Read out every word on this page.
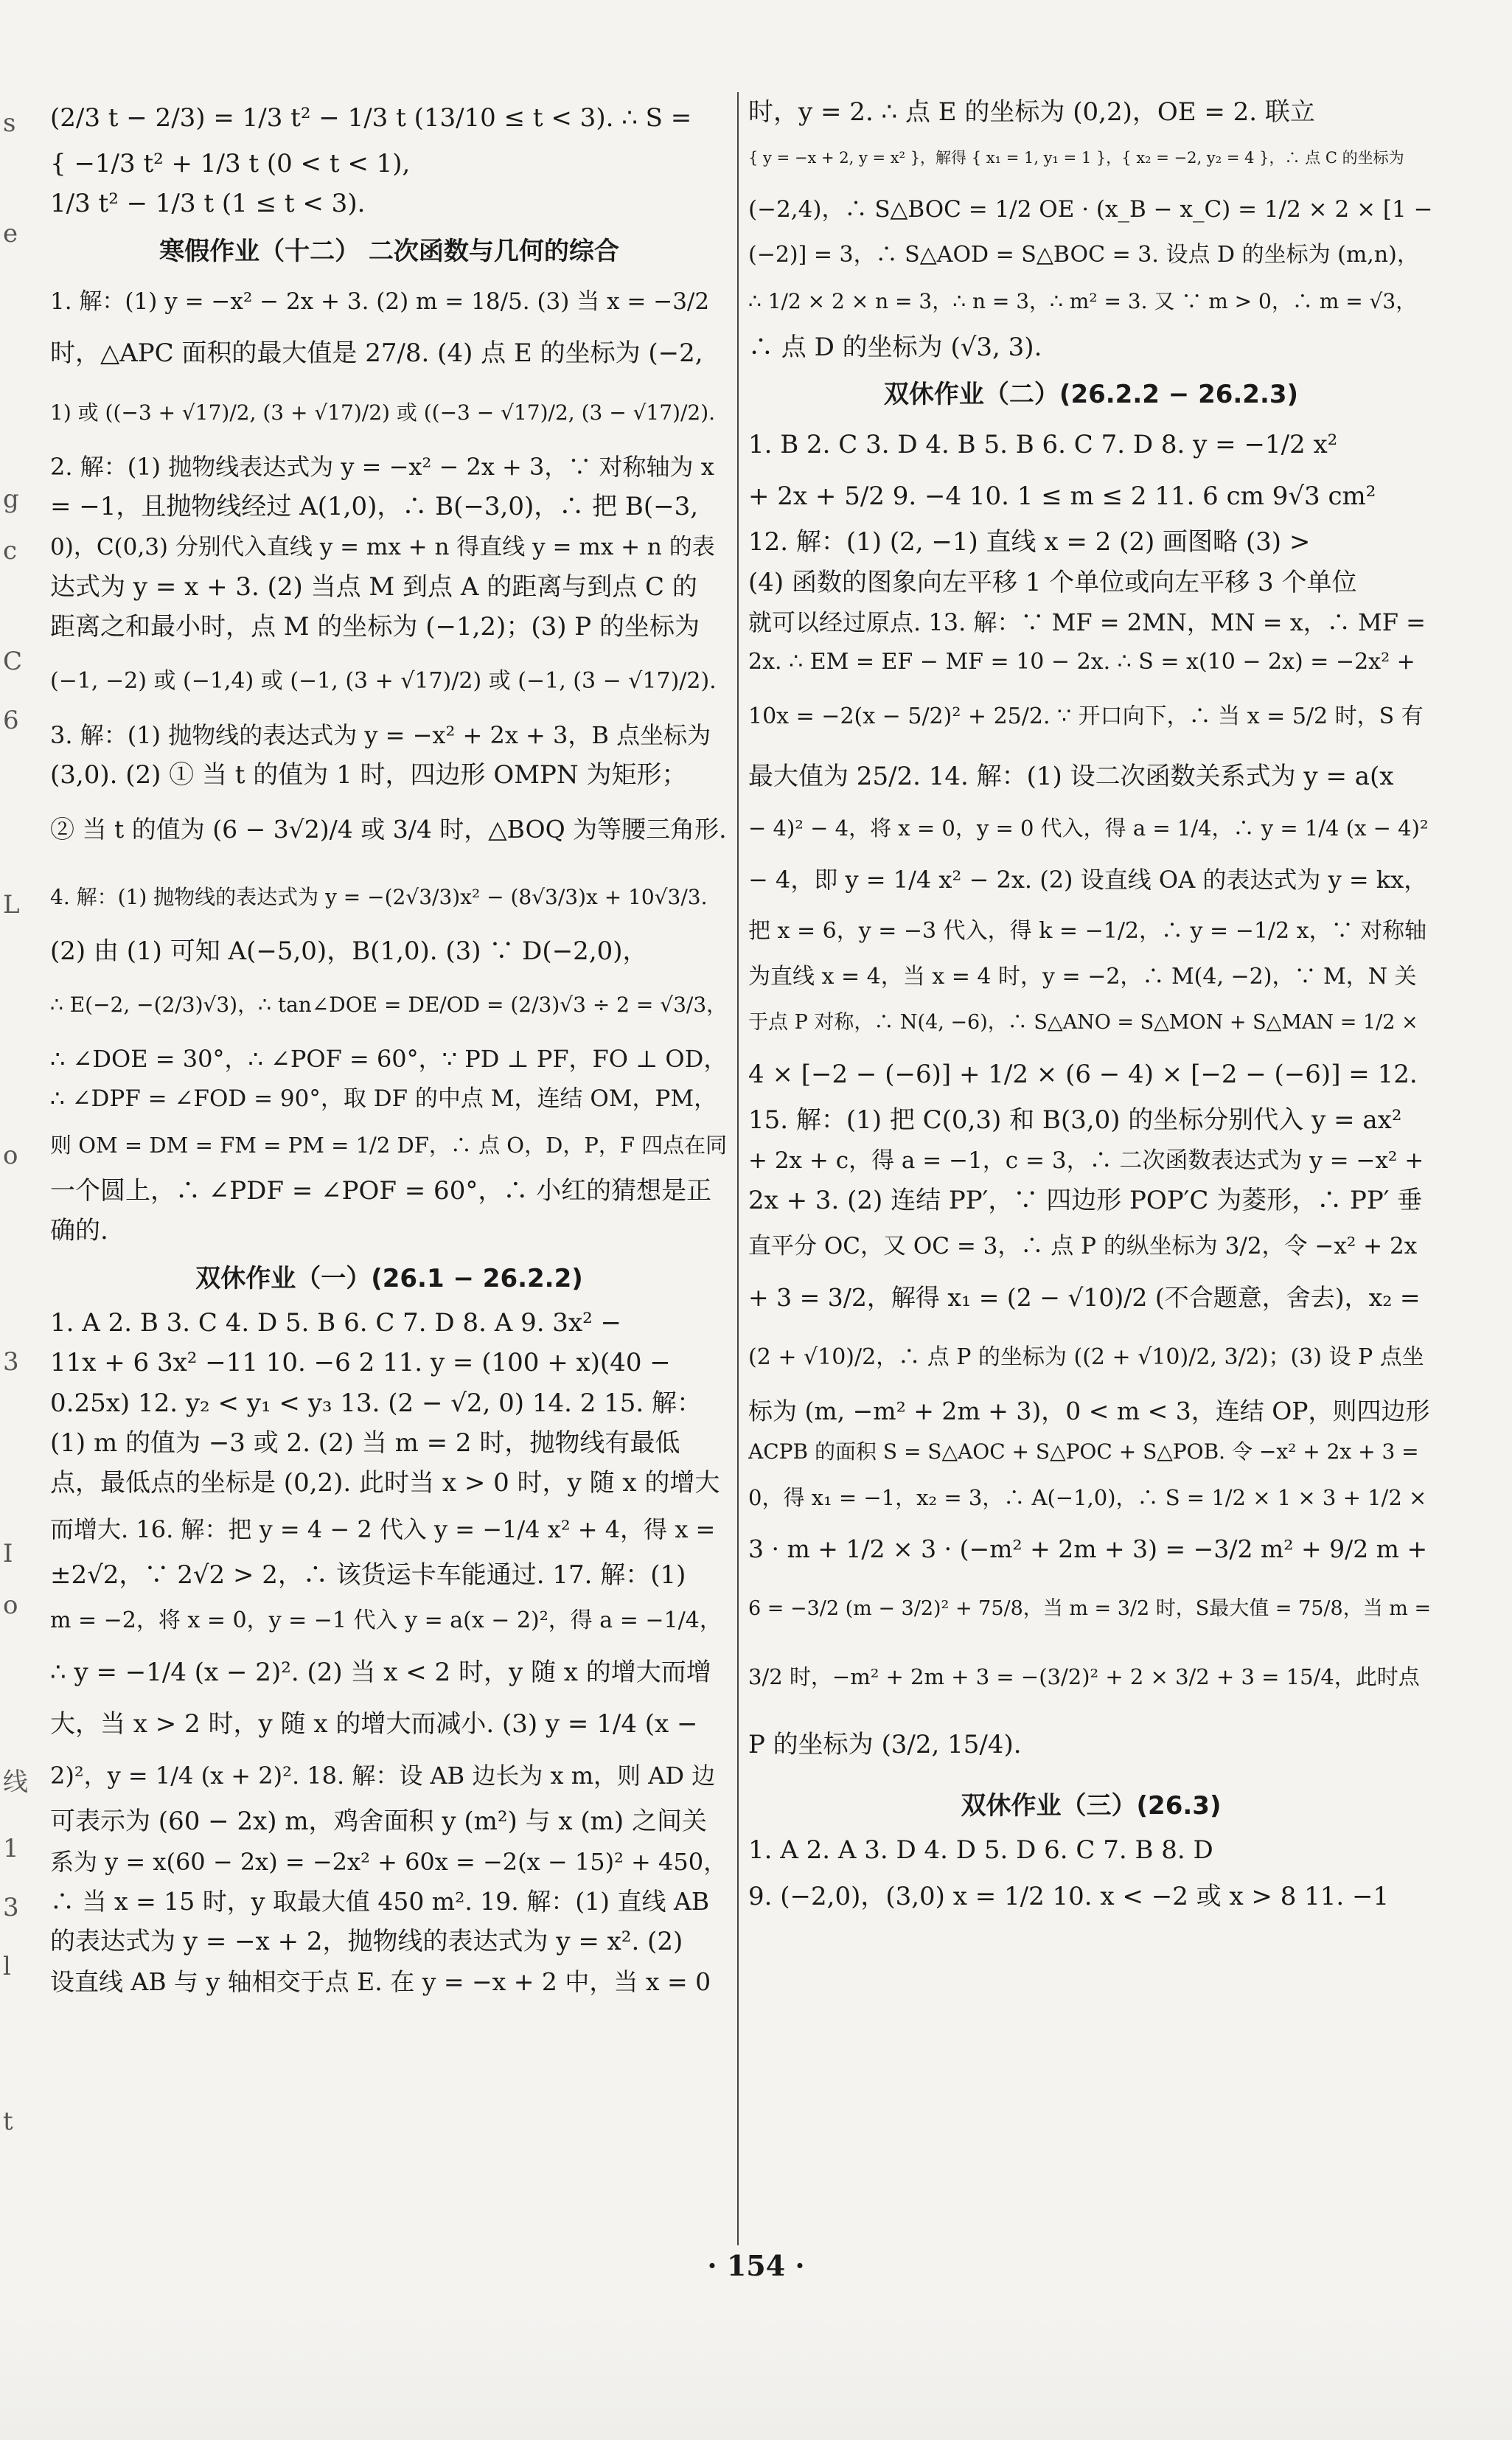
s
e
g
c
C
6
L
o
3
I
o
线
1
3
l
t
(2/3 t − 2/3) = 1/3 t² − 1/3 t (13/10 ≤ t < 3). ∴ S =
{ −1/3 t² + 1/3 t (0 < t < 1),
1/3 t² − 1/3 t (1 ≤ t < 3).
寒假作业（十二） 二次函数与几何的综合
1. 解：(1) y = −x² − 2x + 3. (2) m = 18/5. (3) 当 x = −3/2
时，△APC 面积的最大值是 27/8. (4) 点 E 的坐标为 (−2,
1) 或 ((−3 + √17)/2, (3 + √17)/2) 或 ((−3 − √17)/2, (3 − √17)/2).
2. 解：(1) 抛物线表达式为 y = −x² − 2x + 3，∵ 对称轴为 x
= −1，且抛物线经过 A(1,0)，∴ B(−3,0)，∴ 把 B(−3,
0)，C(0,3) 分别代入直线 y = mx + n 得直线 y = mx + n 的表
达式为 y = x + 3. (2) 当点 M 到点 A 的距离与到点 C 的
距离之和最小时，点 M 的坐标为 (−1,2)；(3) P 的坐标为
(−1, −2) 或 (−1,4) 或 (−1, (3 + √17)/2) 或 (−1, (3 − √17)/2).
3. 解：(1) 抛物线的表达式为 y = −x² + 2x + 3，B 点坐标为
(3,0). (2) ① 当 t 的值为 1 时，四边形 OMPN 为矩形；
② 当 t 的值为 (6 − 3√2)/4 或 3/4 时，△BOQ 为等腰三角形.
4. 解：(1) 抛物线的表达式为 y = −(2√3/3)x² − (8√3/3)x + 10√3/3.
(2) 由 (1) 可知 A(−5,0)，B(1,0). (3) ∵ D(−2,0)，
∴ E(−2, −(2/3)√3)，∴ tan∠DOE = DE/OD = (2/3)√3 ÷ 2 = √3/3，
∴ ∠DOE = 30°，∴ ∠POF = 60°，∵ PD ⊥ PF，FO ⊥ OD，
∴ ∠DPF = ∠FOD = 90°，取 DF 的中点 M，连结 OM，PM，
则 OM = DM = FM = PM = 1/2 DF，∴ 点 O，D，P，F 四点在同
一个圆上，∴ ∠PDF = ∠POF = 60°，∴ 小红的猜想是正
确的.
双休作业（一）(26.1 − 26.2.2)
1. A 2. B 3. C 4. D 5. B 6. C 7. D 8. A 9. 3x² −
11x + 6 3x² −11 10. −6 2 11. y = (100 + x)(40 −
0.25x) 12. y₂ < y₁ < y₃ 13. (2 − √2, 0) 14. 2 15. 解：
(1) m 的值为 −3 或 2. (2) 当 m = 2 时，抛物线有最低
点，最低点的坐标是 (0,2). 此时当 x > 0 时，y 随 x 的增大
而增大. 16. 解：把 y = 4 − 2 代入 y = −1/4 x² + 4，得 x =
±2√2，∵ 2√2 > 2，∴ 该货运卡车能通过. 17. 解：(1)
m = −2，将 x = 0，y = −1 代入 y = a(x − 2)²，得 a = −1/4，
∴ y = −1/4 (x − 2)². (2) 当 x < 2 时，y 随 x 的增大而增
大，当 x > 2 时，y 随 x 的增大而减小. (3) y = 1/4 (x −
2)²，y = 1/4 (x + 2)². 18. 解：设 AB 边长为 x m，则 AD 边
可表示为 (60 − 2x) m，鸡舍面积 y (m²) 与 x (m) 之间关
系为 y = x(60 − 2x) = −2x² + 60x = −2(x − 15)² + 450，
∴ 当 x = 15 时，y 取最大值 450 m². 19. 解：(1) 直线 AB
的表达式为 y = −x + 2，抛物线的表达式为 y = x². (2)
设直线 AB 与 y 轴相交于点 E. 在 y = −x + 2 中，当 x = 0
时，y = 2. ∴ 点 E 的坐标为 (0,2)，OE = 2. 联立
{ y = −x + 2, y = x² }，解得 { x₁ = 1, y₁ = 1 }，{ x₂ = −2, y₂ = 4 }，∴ 点 C 的坐标为
(−2,4)，∴ S△BOC = 1/2 OE · (x_B − x_C) = 1/2 × 2 × [1 −
(−2)] = 3，∴ S△AOD = S△BOC = 3. 设点 D 的坐标为 (m,n)，
∴ 1/2 × 2 × n = 3，∴ n = 3，∴ m² = 3. 又 ∵ m > 0，∴ m = √3，
∴ 点 D 的坐标为 (√3, 3).
双休作业（二）(26.2.2 − 26.2.3)
1. B 2. C 3. D 4. B 5. B 6. C 7. D 8. y = −1/2 x²
+ 2x + 5/2 9. −4 10. 1 ≤ m ≤ 2 11. 6 cm 9√3 cm²
12. 解：(1) (2, −1) 直线 x = 2 (2) 画图略 (3) >
(4) 函数的图象向左平移 1 个单位或向左平移 3 个单位
就可以经过原点. 13. 解：∵ MF = 2MN，MN = x，∴ MF =
2x. ∴ EM = EF − MF = 10 − 2x. ∴ S = x(10 − 2x) = −2x² +
10x = −2(x − 5/2)² + 25/2. ∵ 开口向下，∴ 当 x = 5/2 时，S 有
最大值为 25/2. 14. 解：(1) 设二次函数关系式为 y = a(x
− 4)² − 4，将 x = 0，y = 0 代入，得 a = 1/4，∴ y = 1/4 (x − 4)²
− 4，即 y = 1/4 x² − 2x. (2) 设直线 OA 的表达式为 y = kx，
把 x = 6，y = −3 代入，得 k = −1/2，∴ y = −1/2 x，∵ 对称轴
为直线 x = 4，当 x = 4 时，y = −2，∴ M(4, −2)，∵ M，N 关
于点 P 对称，∴ N(4, −6)，∴ S△ANO = S△MON + S△MAN = 1/2 ×
4 × [−2 − (−6)] + 1/2 × (6 − 4) × [−2 − (−6)] = 12.
15. 解：(1) 把 C(0,3) 和 B(3,0) 的坐标分别代入 y = ax²
+ 2x + c，得 a = −1，c = 3，∴ 二次函数表达式为 y = −x² +
2x + 3. (2) 连结 PP′，∵ 四边形 POP′C 为菱形，∴ PP′ 垂
直平分 OC，又 OC = 3，∴ 点 P 的纵坐标为 3/2，令 −x² + 2x
+ 3 = 3/2，解得 x₁ = (2 − √10)/2 (不合题意，舍去)，x₂ =
(2 + √10)/2，∴ 点 P 的坐标为 ((2 + √10)/2, 3/2)；(3) 设 P 点坐
标为 (m, −m² + 2m + 3)，0 < m < 3，连结 OP，则四边形
ACPB 的面积 S = S△AOC + S△POC + S△POB. 令 −x² + 2x + 3 =
0，得 x₁ = −1，x₂ = 3，∴ A(−1,0)，∴ S = 1/2 × 1 × 3 + 1/2 ×
3 · m + 1/2 × 3 · (−m² + 2m + 3) = −3/2 m² + 9/2 m +
6 = −3/2 (m − 3/2)² + 75/8，当 m = 3/2 时，S最大值 = 75/8，当 m =
3/2 时，−m² + 2m + 3 = −(3/2)² + 2 × 3/2 + 3 = 15/4，此时点
P 的坐标为 (3/2, 15/4).
双休作业（三）(26.3)
1. A 2. A 3. D 4. D 5. D 6. C 7. B 8. D
9. (−2,0)，(3,0) x = 1/2 10. x < −2 或 x > 8 11. −1
· 154 ·
